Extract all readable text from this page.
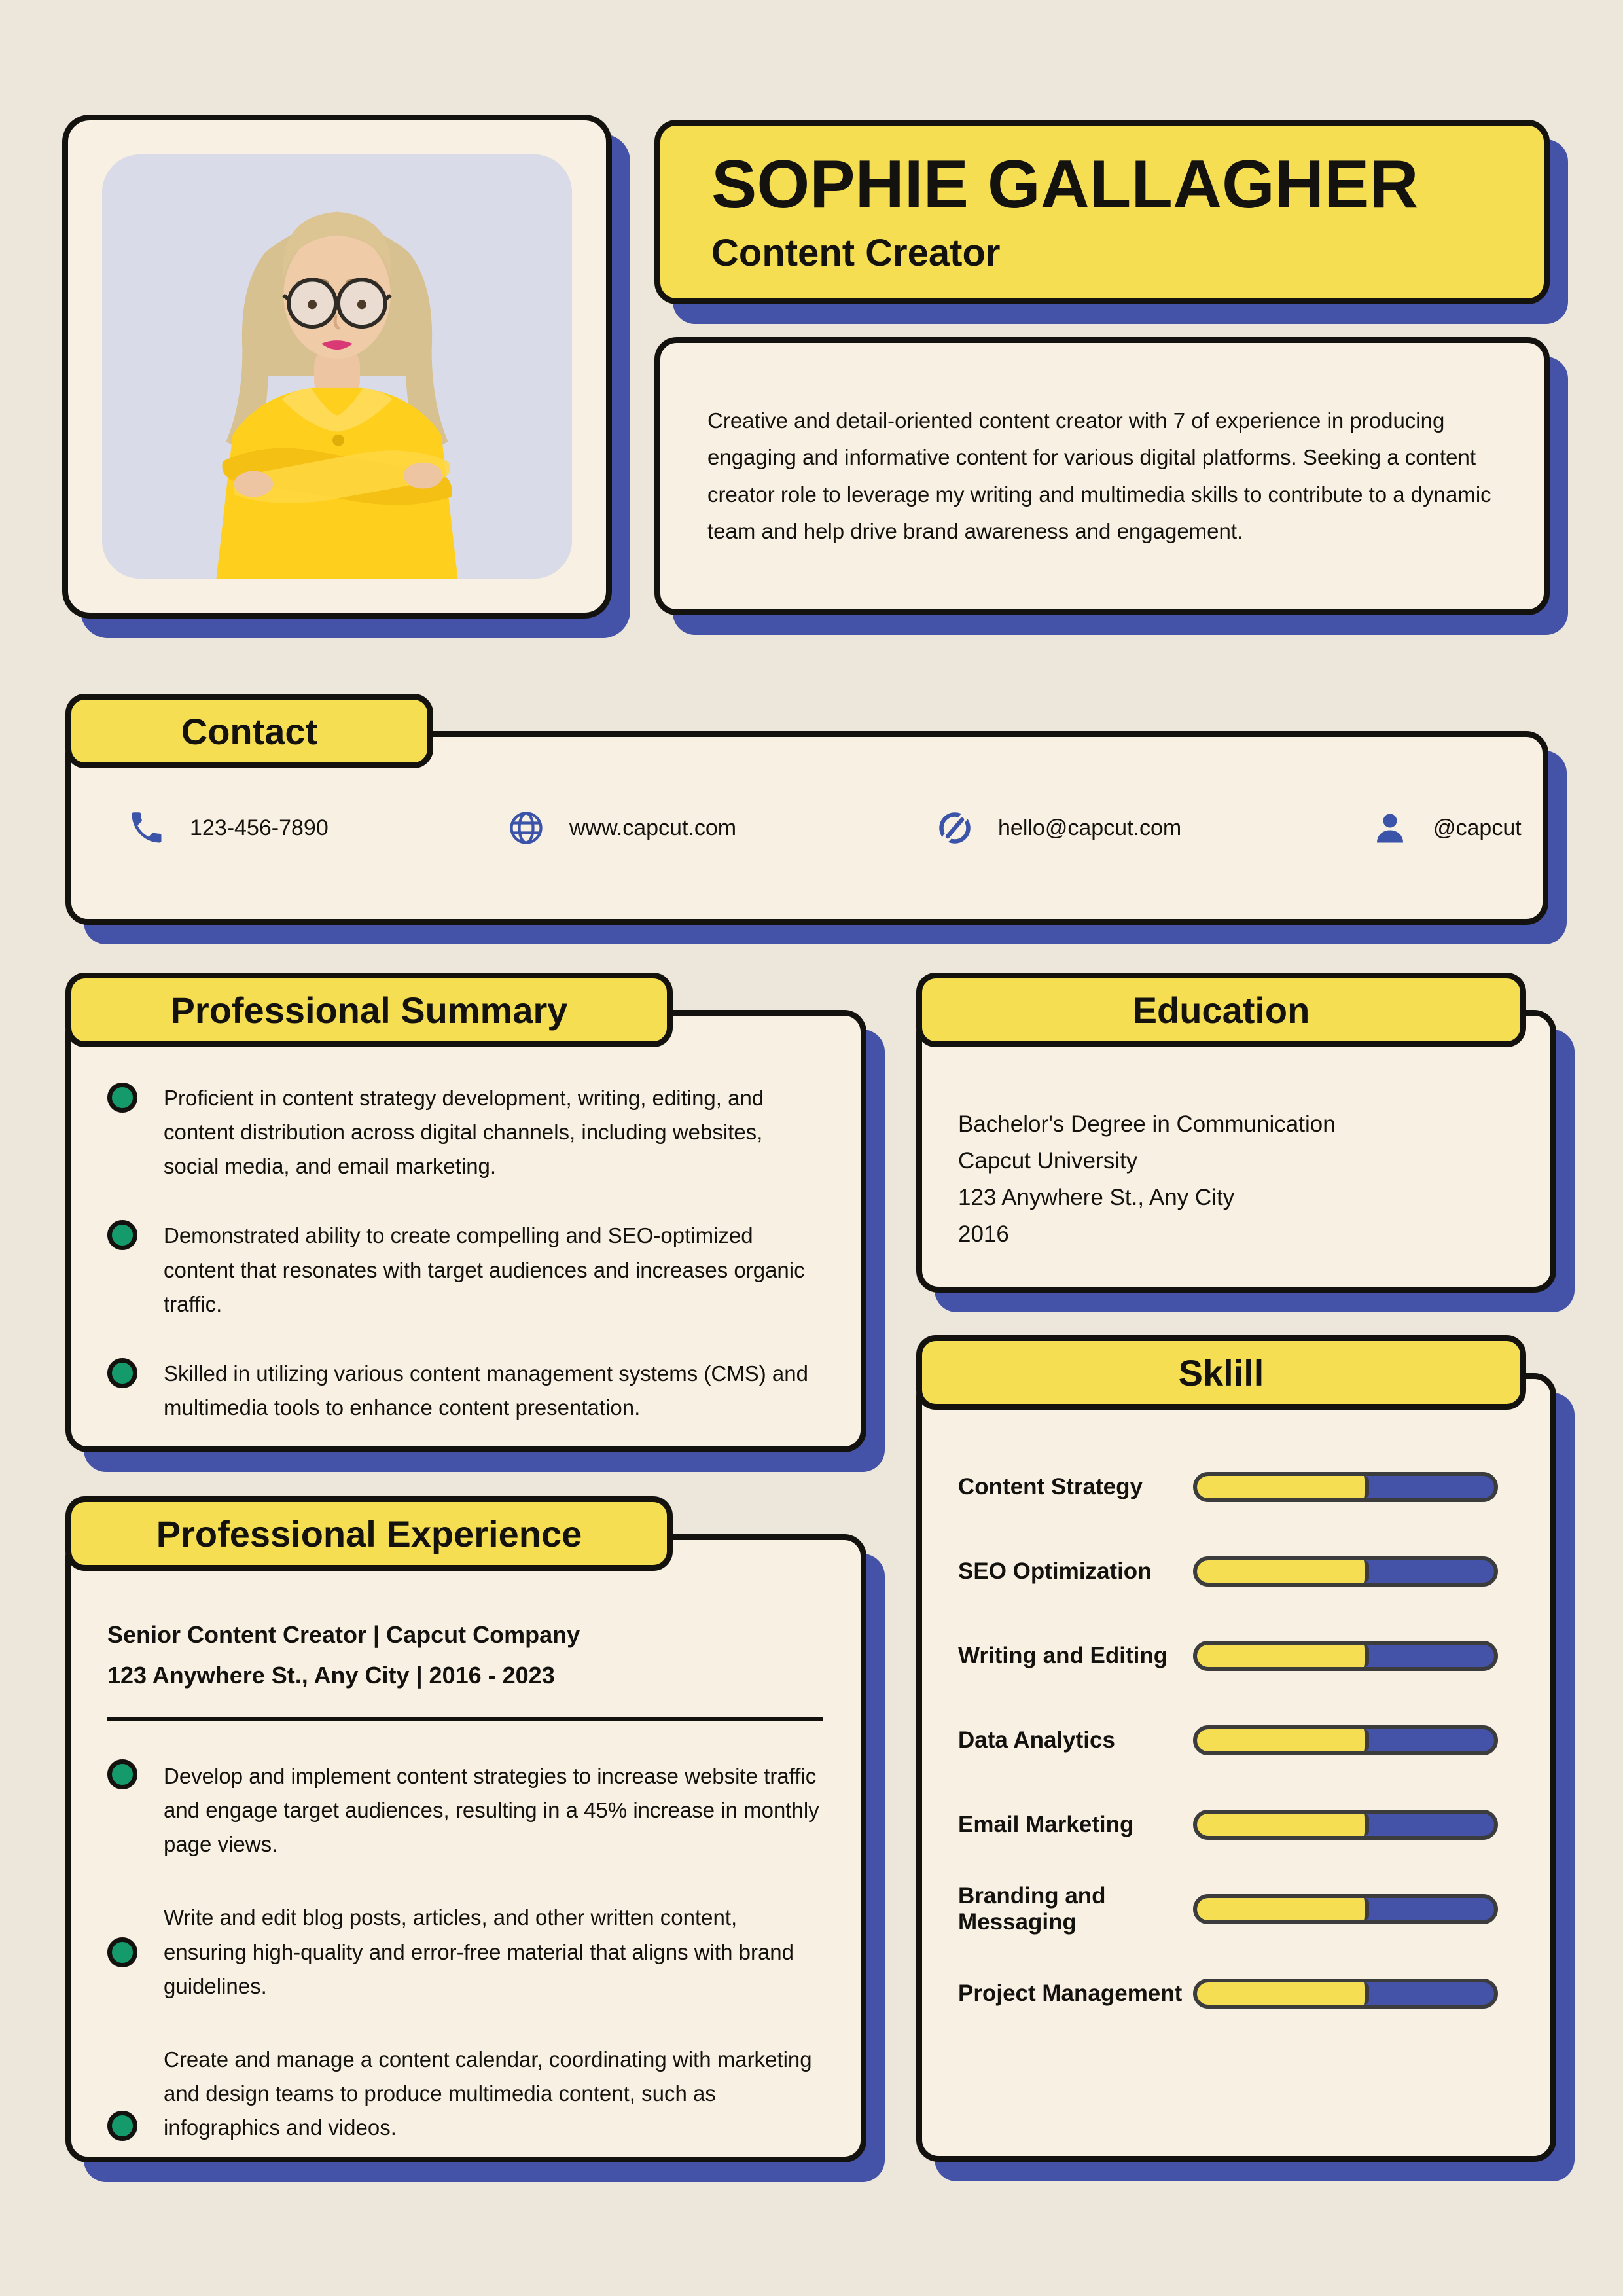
SOPHIE GALLAGHER
Content Creator

Creative and detail-oriented content creator with 7 of experience in producing engaging and informative content for various digital platforms. Seeking a content creator role to leverage my writing and multimedia skills to contribute to a dynamic team and help drive brand awareness and engagement.

Contact
123-456-7890	www.capcut.com	hello@capcut.com	@capcut
Professional Summary
Proficient in content strategy development, writing, editing, and content distribution across digital channels, including websites, social media, and email marketing.
Demonstrated ability to create compelling and SEO-optimized content that resonates with target audiences and increases organic traffic.
Skilled in utilizing various content management systems (CMS) and multimedia tools to enhance content presentation.
Education
Bachelor's Degree in Communication
Capcut University
123 Anywhere St., Any City
2016
Sklill
Content Strategy
SEO Optimization
Writing and Editing
Data Analytics
Email Marketing
Branding and Messaging
Project Management
Professional Experience
Senior Content Creator | Capcut Company
123 Anywhere St., Any City | 2016 - 2023
Develop and implement content strategies to increase website traffic and engage target audiences, resulting in a 45% increase in monthly page views.
Write and edit blog posts, articles, and other written content, ensuring high-quality and error-free material that aligns with brand guidelines.
Create and manage a content calendar, coordinating with marketing and design teams to produce multimedia content, such as infographics and videos.
